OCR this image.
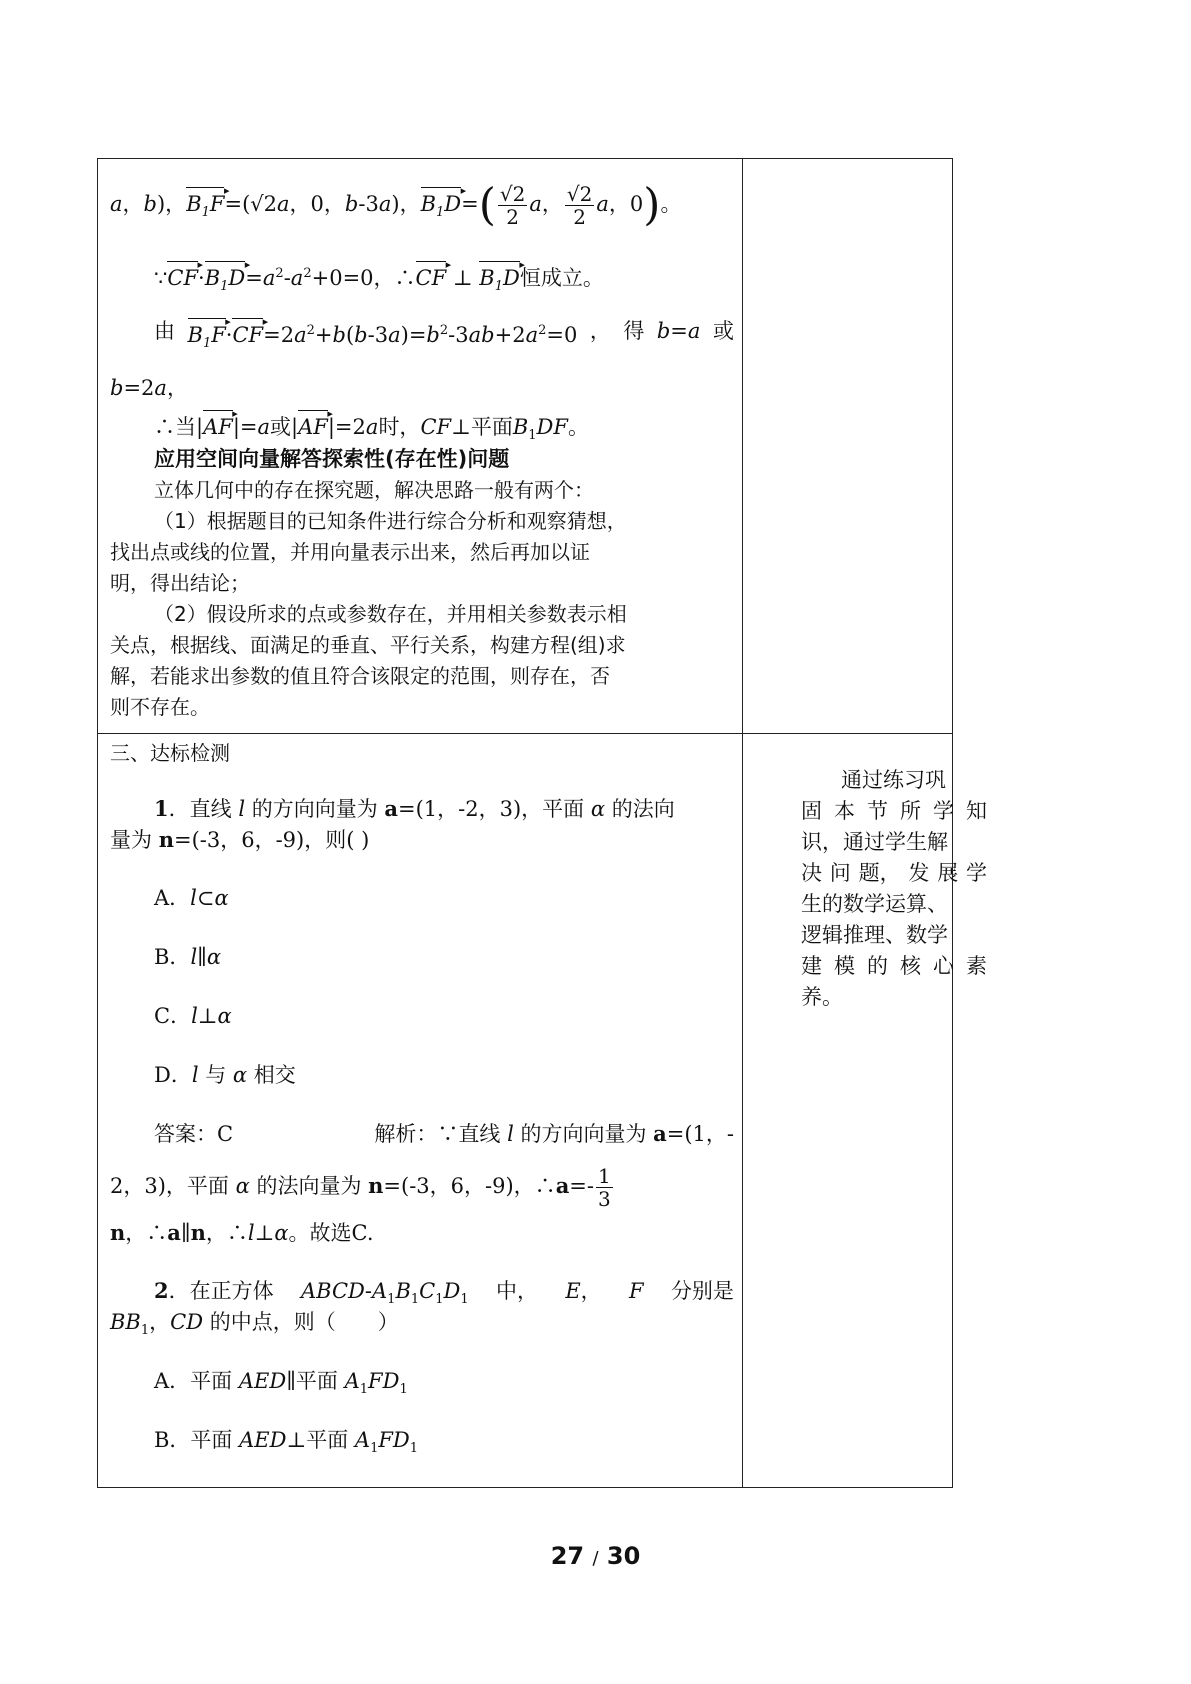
a，b)，$B_1F$ ▸=(√2a，0，b-3a)，$B_1D$ ▸=( $\frac{√2}{2}$ a， $\frac{√2}{2}$ a，0)。
∵CF $▸\cdot B_1D$ $▸=a^2-a^2+0=0$，∴CF ▸ ⊥ $B_1D$ ▸恒成立。
由 $B_1F$ ▸·CF $▸=2a^2+b(b-3a)=b^2-3ab+2a^2=0$ ， 得 b=a 或
b=2a，
∴当|AF ▸|=a或|AF ▸|=2a时，CF⊥平面$B_1DF$。
应用空间向量解答探索性(存在性)问题
立体几何中的存在探究题，解决思路一般有两个：
（1）根据题目的已知条件进行综合分析和观察猜想，
找出点或线的位置，并用向量表示出来，然后再加以证
明，得出结论；
（2）假设所求的点或参数存在，并用相关参数表示相
关点，根据线、面满足的垂直、平行关系，构建方程(组)求
解，若能求出参数的值且符合该限定的范围，则存在，否
则不存在。
三、达标检测
1．直线 l 的方向向量为 a=(1，-2，3)，平面 α 的法向
量为 n=(-3，6，-9)，则( )
A．l⊂α
B．l∥α
C．l⊥α
D．l 与 α 相交
答案：C	解析：∵直线 l 的方向向量为 a=(1，-
2，3)，平面 α 的法向量为 n=(-3，6，-9)，∴a=- $\frac{1}{3}$
n，∴a∥n，∴l⊥α。故选C.
2．在正方体 ABCD-$A_1B_1C_1D_1$ 中， E， F 分别是
$BB_1$，CD 的中点，则（　　）
A．平面 AED∥平面 $A_1FD_1$
B．平面 AED⊥平面 $A_1FD_1$
通过练习巩
固 本 节 所 学 知
识，通过学生解
决 问 题， 发 展 学
生的数学运算、
逻辑推理、数学
建 模 的 核 心 素
养。
27 / 30
